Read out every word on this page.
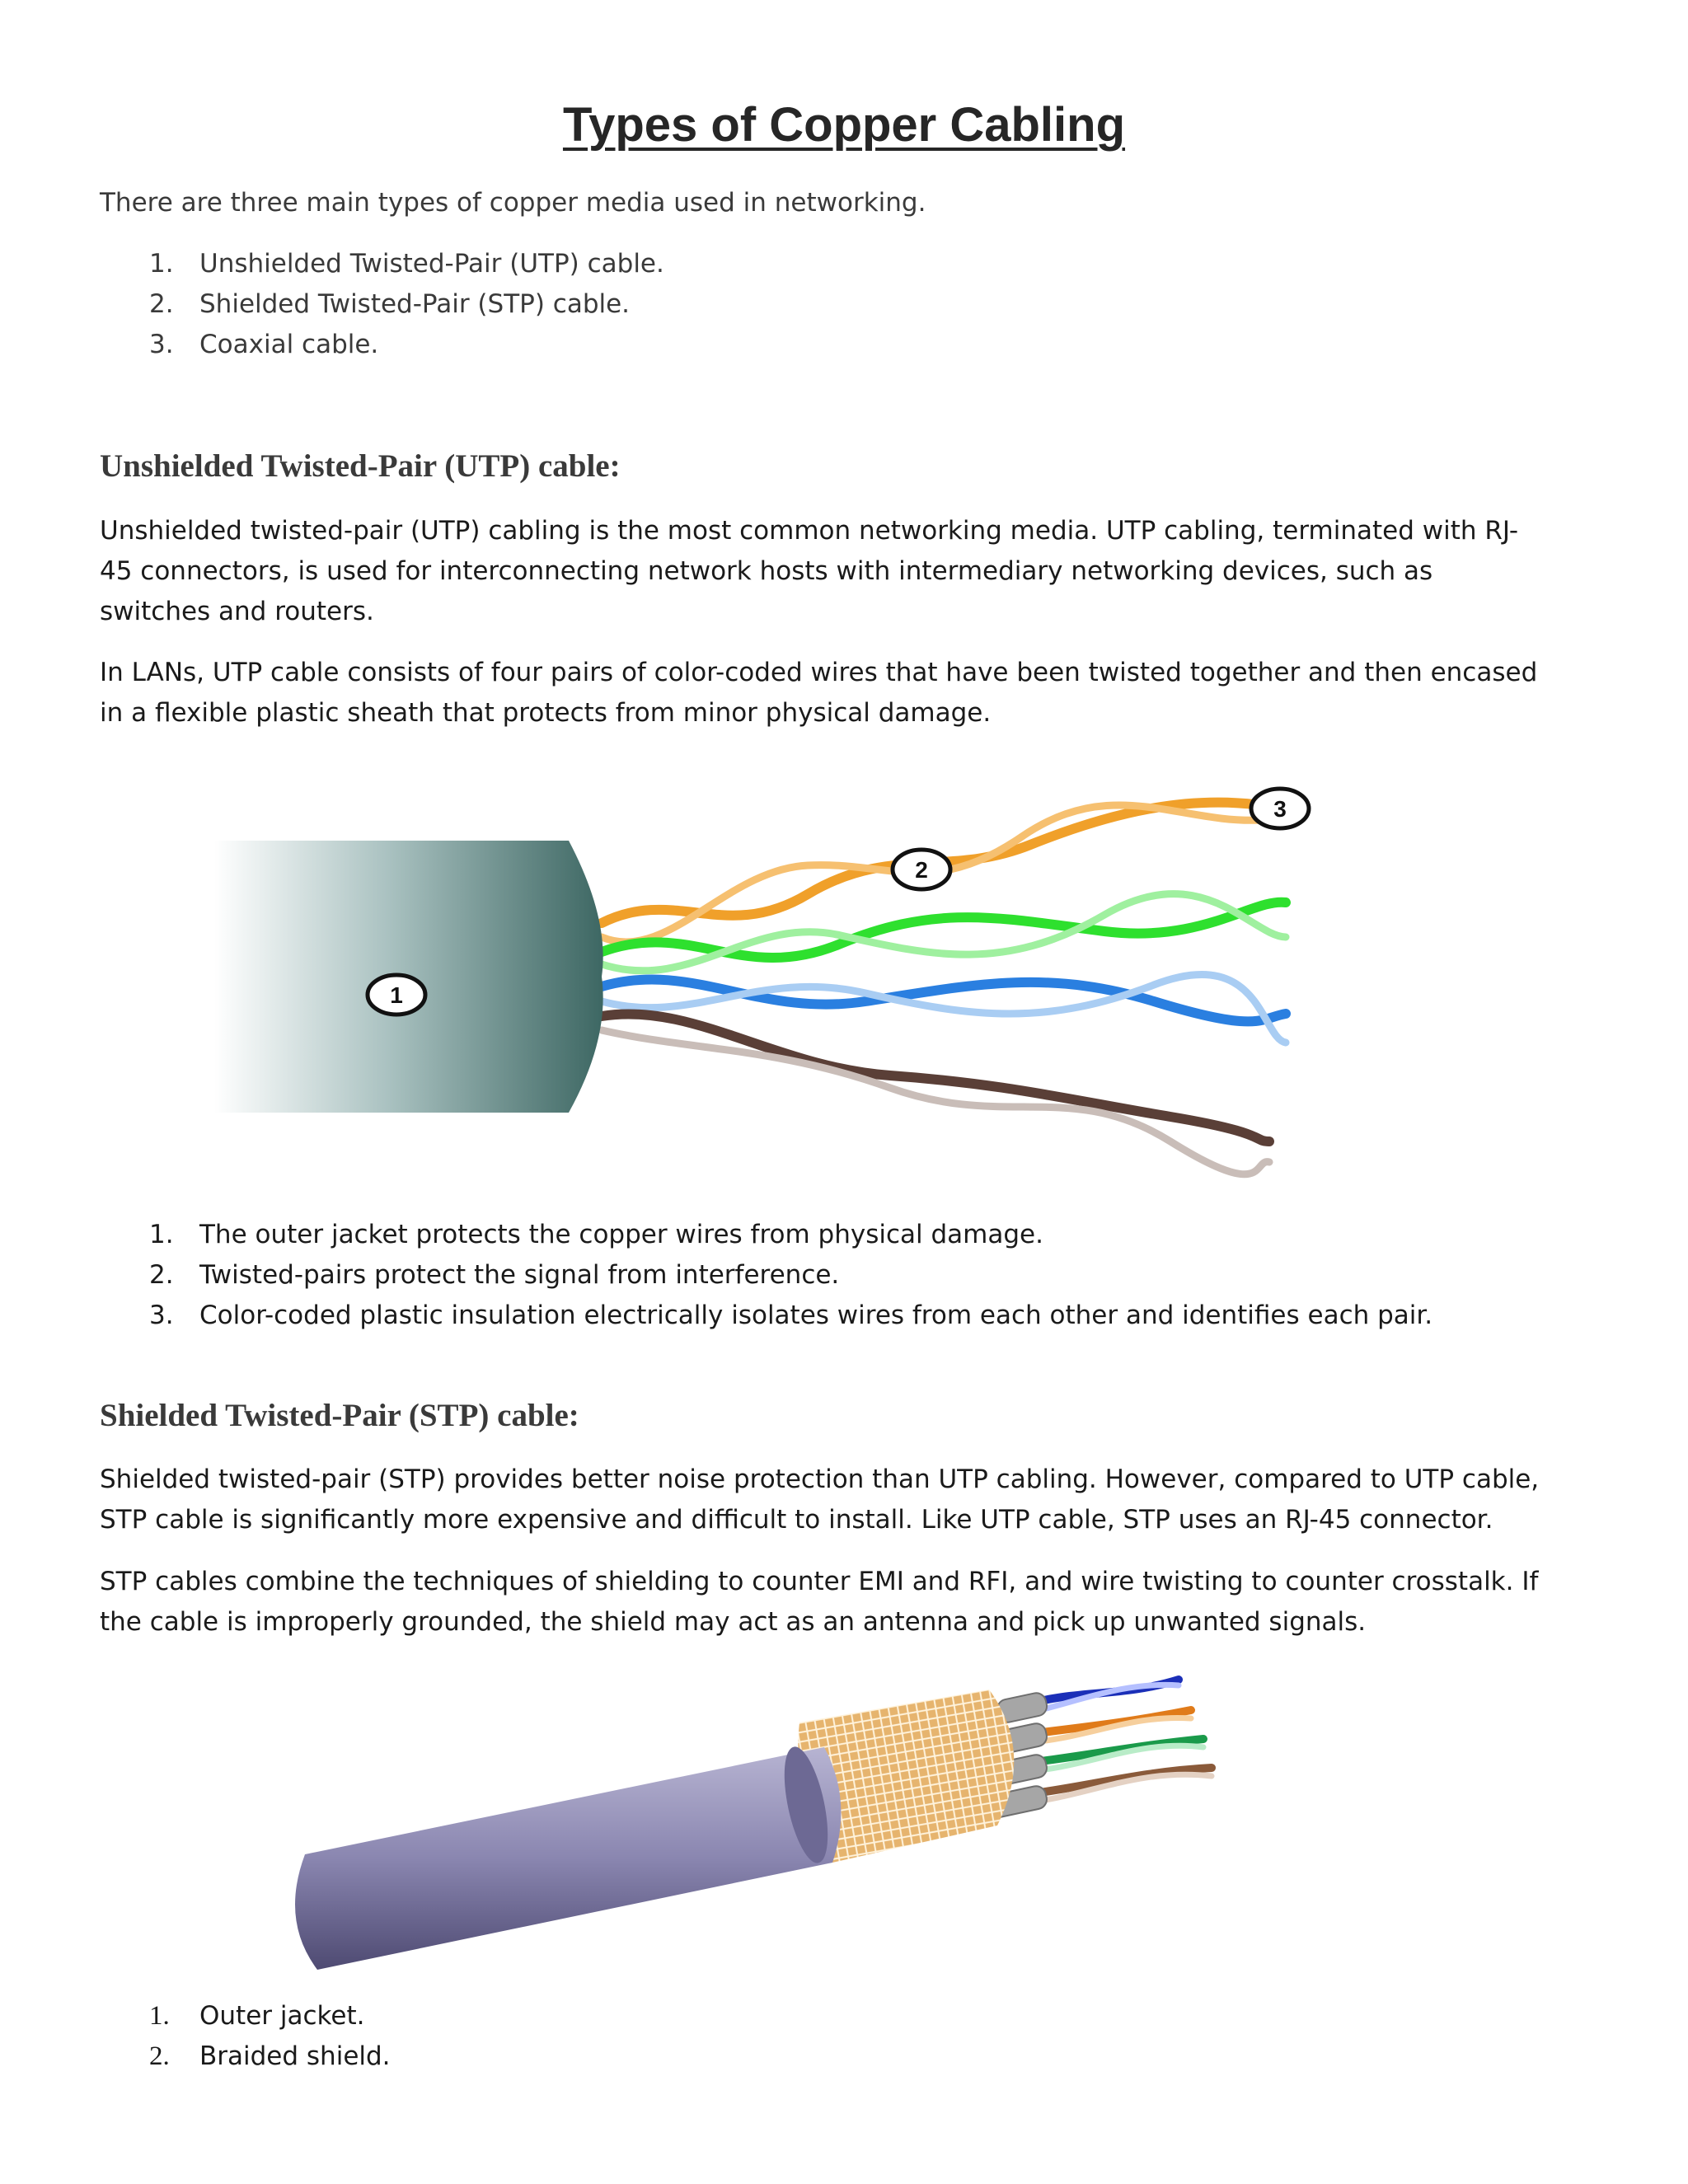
Types of Copper Cabling
There are three main types of copper media used in networking.
1. Unshielded Twisted-Pair (UTP) cable.
2. Shielded Twisted-Pair (STP) cable.
3. Coaxial cable.
Unshielded Twisted-Pair (UTP) cable:
Unshielded twisted-pair (UTP) cabling is the most common networking media. UTP cabling, terminated with RJ-45 connectors, is used for interconnecting network hosts with intermediary networking devices, such as switches and routers.
In LANs, UTP cable consists of four pairs of color-coded wires that have been twisted together and then encased in a flexible plastic sheath that protects from minor physical damage.
1
2
3
1. The outer jacket protects the copper wires from physical damage.
2. Twisted-pairs protect the signal from interference.
3. Color-coded plastic insulation electrically isolates wires from each other and identifies each pair.
Shielded Twisted-Pair (STP) cable:
Shielded twisted-pair (STP) provides better noise protection than UTP cabling. However, compared to UTP cable, STP cable is significantly more expensive and difficult to install. Like UTP cable, STP uses an RJ-45 connector.
STP cables combine the techniques of shielding to counter EMI and RFI, and wire twisting to counter crosstalk. If the cable is improperly grounded, the shield may act as an antenna and pick up unwanted signals.
1. Outer jacket.
2. Braided shield.
